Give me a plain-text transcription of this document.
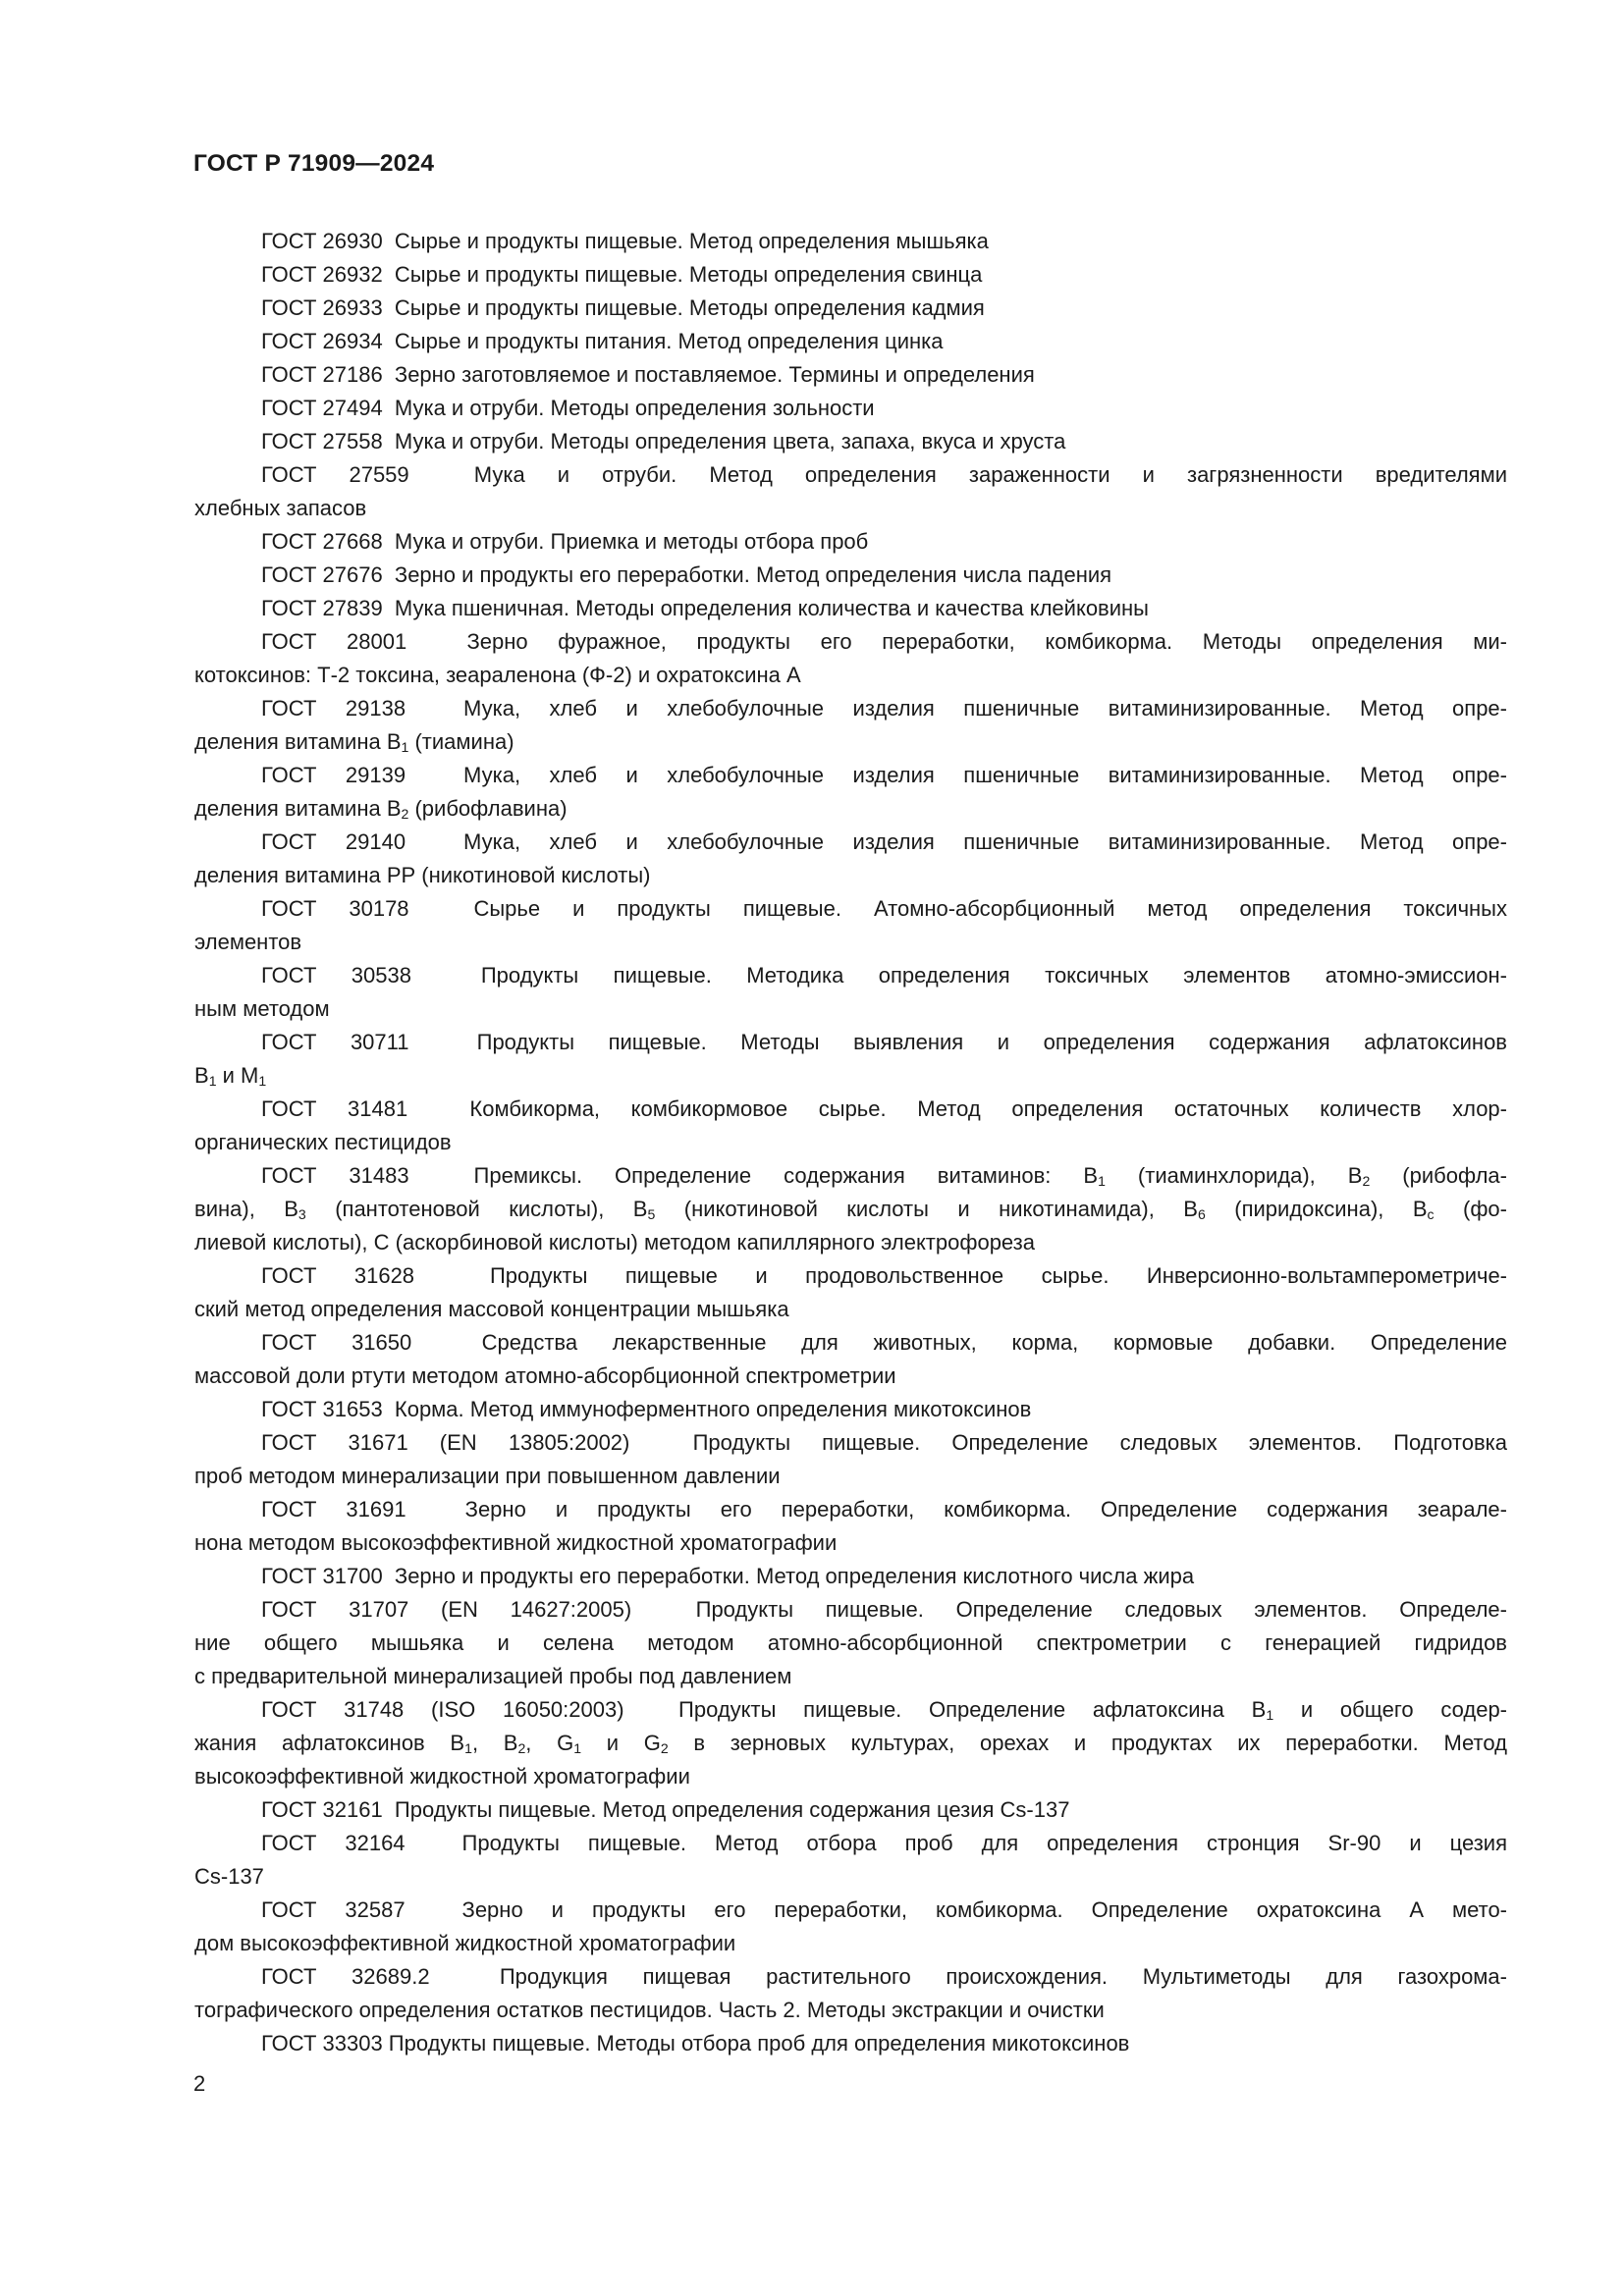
ГОСТ Р 71909—2024
ГОСТ 26930  Сырье и продукты пищевые. Метод определения мышьяка
ГОСТ 26932  Сырье и продукты пищевые. Методы определения свинца
ГОСТ 26933  Сырье и продукты пищевые. Методы определения кадмия
ГОСТ 26934  Сырье и продукты питания. Метод определения цинка
ГОСТ 27186  Зерно заготовляемое и поставляемое. Термины и определения
ГОСТ 27494  Мука и отруби. Методы определения зольности
ГОСТ 27558  Мука и отруби. Методы определения цвета, запаха, вкуса и хруста
ГОСТ 27559  Мука и отруби. Метод определения зараженности и загрязненности вредителями
хлебных запасов
ГОСТ 27668  Мука и отруби. Приемка и методы отбора проб
ГОСТ 27676  Зерно и продукты его переработки. Метод определения числа падения
ГОСТ 27839  Мука пшеничная. Методы определения количества и качества клейковины
ГОСТ 28001  Зерно фуражное, продукты его переработки, комбикорма. Методы определения ми-
котоксинов: Т-2 токсина, зеараленона (Ф-2) и охратоксина А
ГОСТ 29138  Мука, хлеб и хлебобулочные изделия пшеничные витаминизированные. Метод опре-
деления витамина $В_1$ (тиамина)
ГОСТ 29139  Мука, хлеб и хлебобулочные изделия пшеничные витаминизированные. Метод опре-
деления витамина $В_2$ (рибофлавина)
ГОСТ 29140  Мука, хлеб и хлебобулочные изделия пшеничные витаминизированные. Метод опре-
деления витамина РР (никотиновой кислоты)
ГОСТ 30178  Сырье и продукты пищевые. Атомно-абсорбционный метод определения токсичных
элементов
ГОСТ 30538  Продукты пищевые. Методика определения токсичных элементов атомно-эмиссион-
ным методом
ГОСТ 30711  Продукты пищевые. Методы выявления и определения содержания афлатоксинов
$В_1$ и $М_1$
ГОСТ 31481  Комбикорма, комбикормовое сырье. Метод определения остаточных количеств хлор-
органических пестицидов
ГОСТ 31483  Премиксы. Определение содержания витаминов: $В_1$ (тиаминхлорида), $В_2$ (рибофла-
вина), $В_3$ (пантотеновой кислоты), $В_5$ (никотиновой кислоты и никотинамида), $В_6$ (пиридоксина), $В_с$ (фо-
лиевой кислоты), С (аскорбиновой кислоты) методом капиллярного электрофореза
ГОСТ 31628  Продукты пищевые и продовольственное сырье. Инверсионно-вольтамперометриче-
ский метод определения массовой концентрации мышьяка
ГОСТ 31650  Средства лекарственные для животных, корма, кормовые добавки. Определение
массовой доли ртути методом атомно-абсорбционной спектрометрии
ГОСТ 31653  Корма. Метод иммуноферментного определения микотоксинов
ГОСТ 31671 (EN 13805:2002)  Продукты пищевые. Определение следовых элементов. Подготовка
проб методом минерализации при повышенном давлении
ГОСТ 31691  Зерно и продукты его переработки, комбикорма. Определение содержания зеарале-
нона методом высокоэффективной жидкостной хроматографии
ГОСТ 31700  Зерно и продукты его переработки. Метод определения кислотного числа жира
ГОСТ 31707 (EN 14627:2005)  Продукты пищевые. Определение следовых элементов. Определе-
ние общего мышьяка и селена методом атомно-абсорбционной спектрометрии с генерацией гидридов
с предварительной минерализацией пробы под давлением
ГОСТ 31748 (ISO 16050:2003)  Продукты пищевые. Определение афлатоксина $В_1$ и общего содер-
жания афлатоксинов $В_1$, $В_2$, $G_1$ и $G_2$ в зерновых культурах, орехах и продуктах их переработки. Метод
высокоэффективной жидкостной хроматографии
ГОСТ 32161  Продукты пищевые. Метод определения содержания цезия Cs-137
ГОСТ 32164  Продукты пищевые. Метод отбора проб для определения стронция Sr-90 и цезия
Cs-137
ГОСТ 32587  Зерно и продукты его переработки, комбикорма. Определение охратоксина А мето-
дом высокоэффективной жидкостной хроматографии
ГОСТ 32689.2  Продукция пищевая растительного происхождения. Мультиметоды для газохрома-
тографического определения остатков пестицидов. Часть 2. Методы экстракции и очистки
ГОСТ 33303 Продукты пищевые. Методы отбора проб для определения микотоксинов
2
